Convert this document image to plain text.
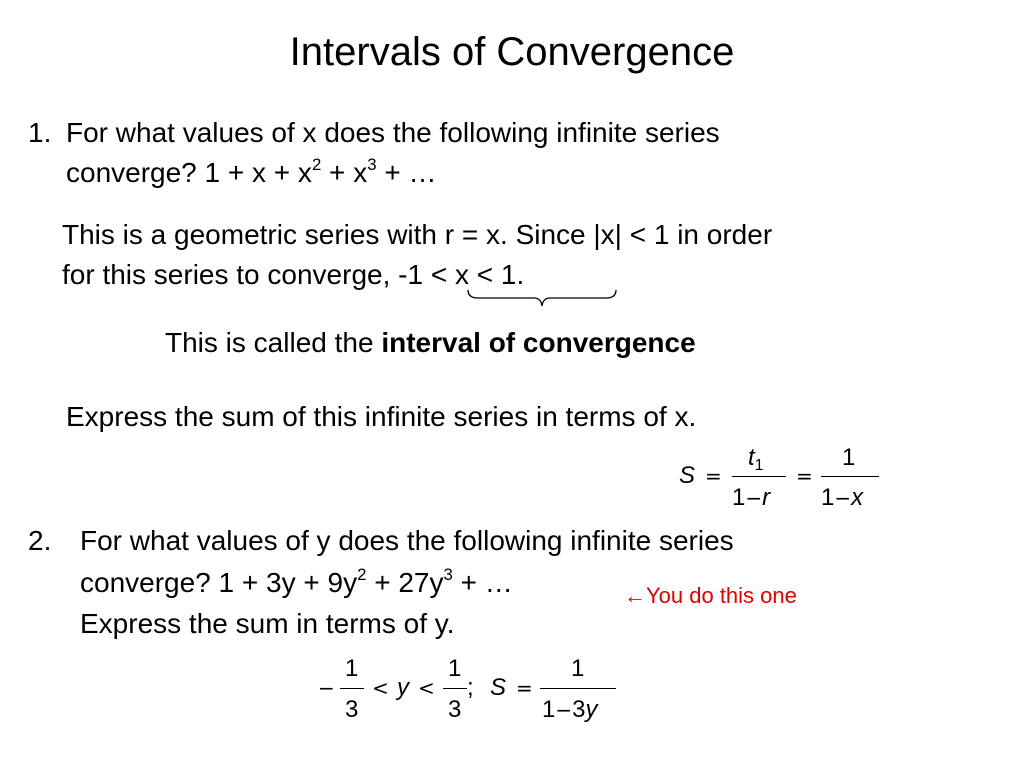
Intervals of Convergence
1. For what values of x does the following infinite series
converge? $1 + x + x^2 + x^3$ + …
This is a geometric series with r = x. Since |x| < 1 in order
for this series to converge, -1 < x < 1.
This is called the interval of convergence
Express the sum of this infinite series in terms of x.
S =
$t_1$
1−r
=
1
1−x
2. For what values of y does the following infinite series
converge? $1 + 3y + 9y^2 + 27y^3$ + …	←You do this one
Express the sum in terms of y.
−
1
3
< y <
1
3
; S =
1
1−3y
